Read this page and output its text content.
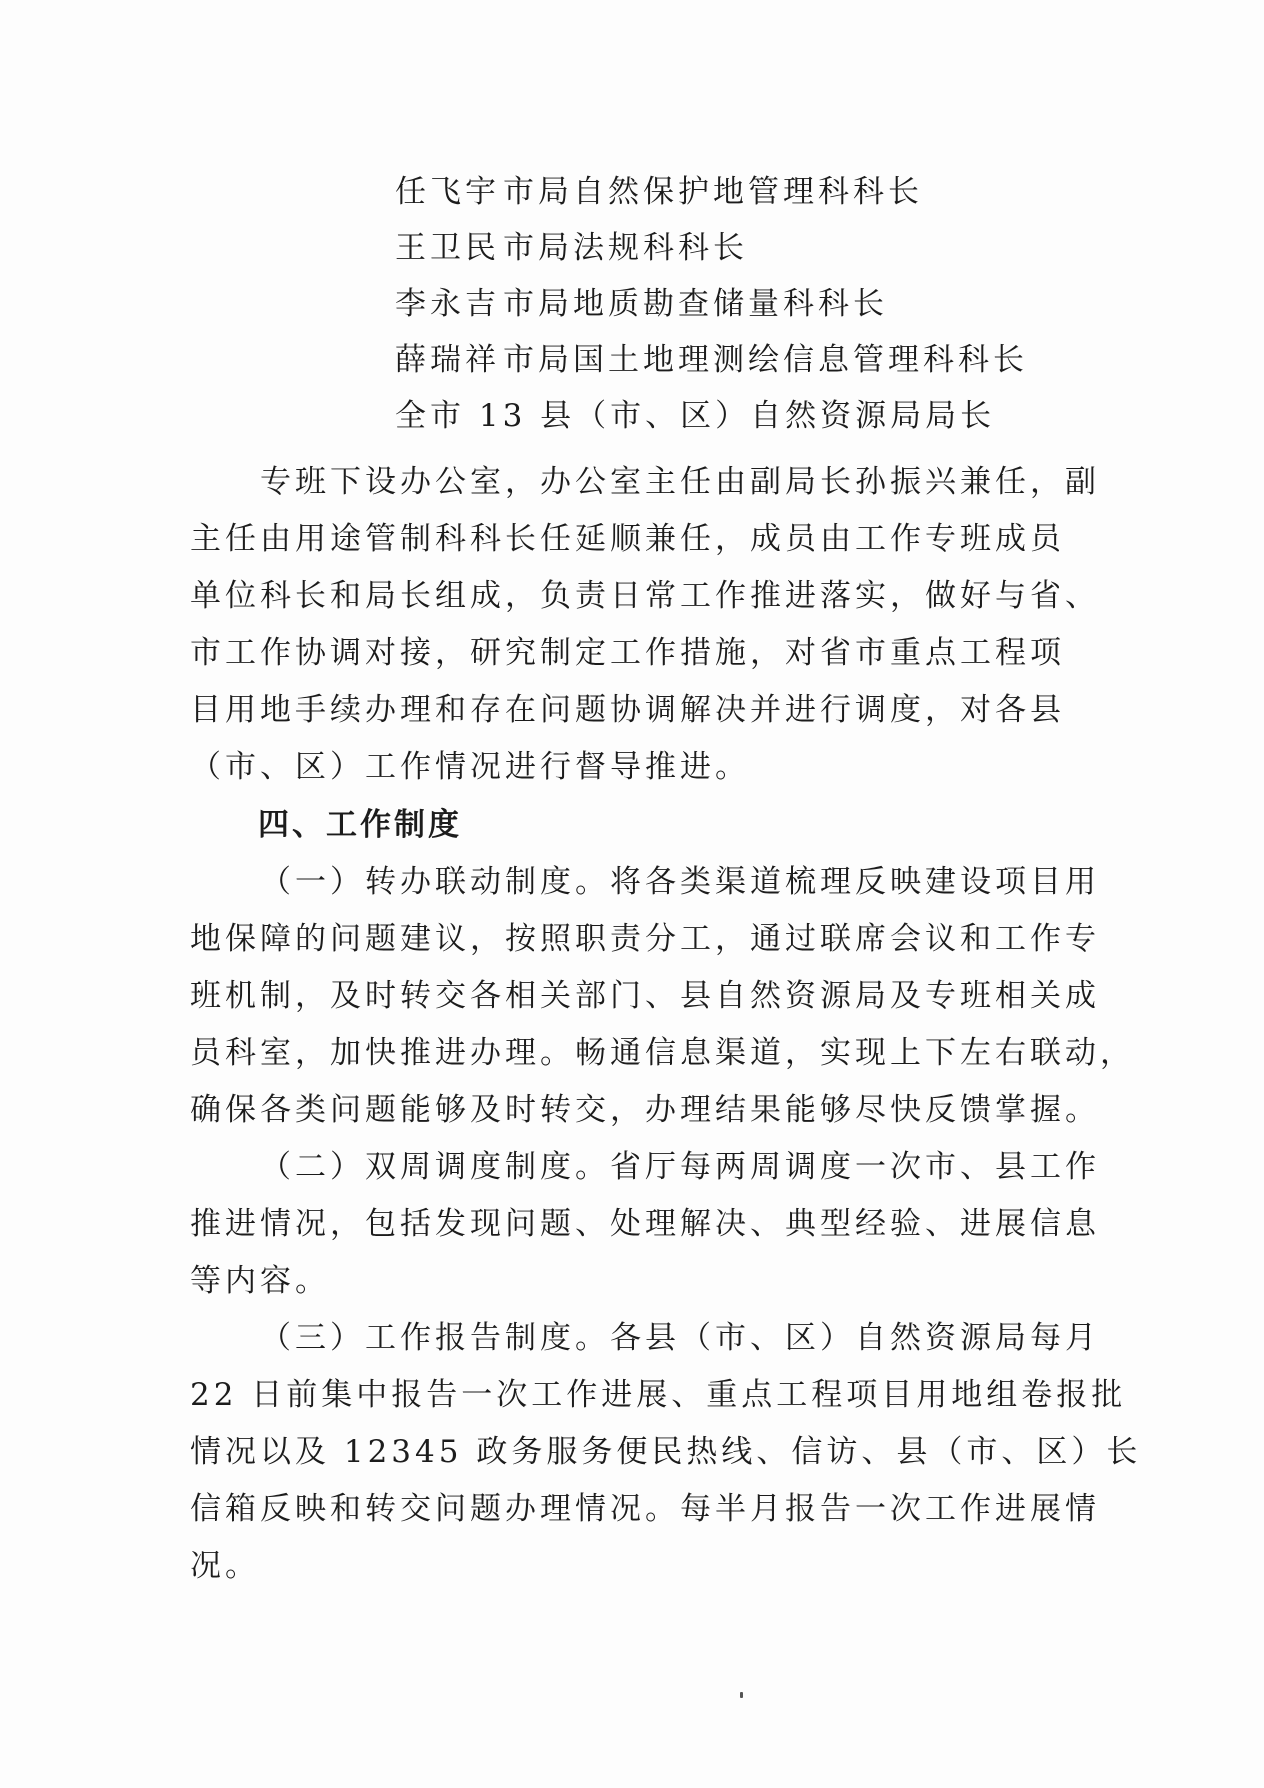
任飞宇市局自然保护地管理科科长
王卫民市局法规科科长
李永吉市局地质勘查储量科科长
薛瑞祥市局国土地理测绘信息管理科科长
全市 13 县（市、区）自然资源局局长
专班下设办公室，办公室主任由副局长孙振兴兼任，副
主任由用途管制科科长任延顺兼任，成员由工作专班成员
单位科长和局长组成，负责日常工作推进落实，做好与省、
市工作协调对接，研究制定工作措施，对省市重点工程项
目用地手续办理和存在问题协调解决并进行调度，对各县
（市、区）工作情况进行督导推进。
四、工作制度
（一）转办联动制度。将各类渠道梳理反映建设项目用
地保障的问题建议，按照职责分工，通过联席会议和工作专
班机制，及时转交各相关部门、县自然资源局及专班相关成
员科室，加快推进办理。畅通信息渠道，实现上下左右联动，
确保各类问题能够及时转交，办理结果能够尽快反馈掌握。
（二）双周调度制度。省厅每两周调度一次市、县工作
推进情况，包括发现问题、处理解决、典型经验、进展信息
等内容。
（三）工作报告制度。各县（市、区）自然资源局每月
22 日前集中报告一次工作进展、重点工程项目用地组卷报批
情况以及 12345 政务服务便民热线、信访、县（市、区）长
信箱反映和转交问题办理情况。每半月报告一次工作进展情
况。
